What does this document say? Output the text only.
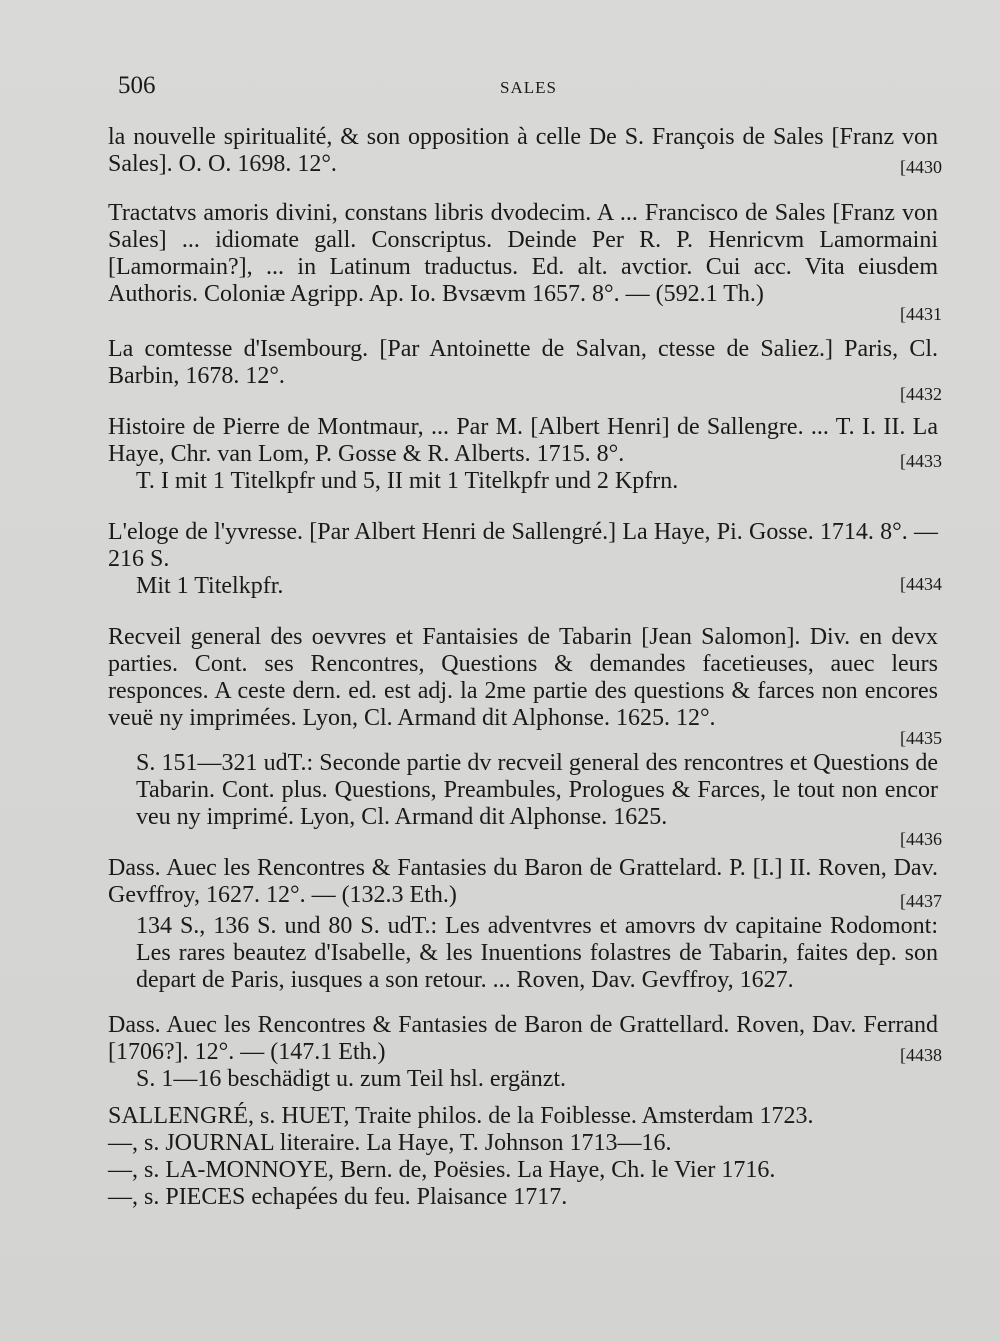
506	SALES

la nouvelle spiritualité, & son opposition à celle De S. François de Sales [Franz von Sales]. O. O. 1698. 12°.	[4430

Tractatvs amoris divini, constans libris dvodecim. A ... Francisco de Sales [Franz von Sales] ... idiomate gall. Conscriptus. Deinde Per R. P. Henricvm Lamormaini [Lamormain?], ... in Latinum traductus. Ed. alt. avctior. Cui acc. Vita eiusdem Authoris. Coloniæ Agripp. Ap. Io. Bvsævm 1657. 8°. — (592.1 Th.)

[4431

La comtesse d'Isembourg. [Par Antoinette de Salvan, ctesse de Saliez.] Paris, Cl. Barbin, 1678. 12°.

[4432

Histoire de Pierre de Montmaur, ... Par M. [Albert Henri] de Sallengre. ... T. I. II. La Haye, Chr. van Lom, P. Gosse & R. Alberts. 1715. 8°.

T. I mit 1 Titelkpfr und 5, II mit 1 Titelkpfr und 2 Kpfrn.

[4433

L'eloge de l'yvresse. [Par Albert Henri de Sallengré.] La Haye, Pi. Gosse. 1714. 8°. — 216 S.

Mit 1 Titelkpfr.	[4434

Recveil general des oevvres et Fantaisies de Tabarin [Jean Salomon]. Div. en devx parties. Cont. ses Rencontres, Questions & demandes facetieuses, auec leurs responces. A ceste dern. ed. est adj. la 2me partie des questions & farces non encores veuë ny imprimées. Lyon, Cl. Armand dit Alphonse. 1625. 12°.

[4435

S. 151—321 udT.: Seconde partie dv recveil general des rencontres et Questions de Tabarin. Cont. plus. Questions, Preambules, Prologues & Farces, le tout non encor veu ny imprimé. Lyon, Cl. Armand dit Alphonse. 1625.

[4436

Dass. Auec les Rencontres & Fantasies du Baron de Grattelard. P. [I.] II. Roven, Dav. Gevffroy, 1627. 12°. — (132.3 Eth.)	[4437

134 S., 136 S. und 80 S. udT.: Les adventvres et amovrs dv capitaine Rodomont: Les rares beautez d'Isabelle, & les Inuentions folastres de Tabarin, faites dep. son depart de Paris, iusques a son retour. ... Roven, Dav. Gevffroy, 1627.

Dass. Auec les Rencontres & Fantasies de Baron de Grattellard. Roven, Dav. Ferrand [1706?]. 12°. — (147.1 Eth.)

S. 1—16 beschädigt u. zum Teil hsl. ergänzt.

[4438

SALLENGRÉ, s. HUET, Traite philos. de la Foiblesse. Amsterdam 1723.

—, s. JOURNAL literaire. La Haye, T. Johnson 1713—16.

—, s. LA-MONNOYE, Bern. de, Poësies. La Haye, Ch. le Vier 1716.

—, s. PIECES echapées du feu. Plaisance 1717.
